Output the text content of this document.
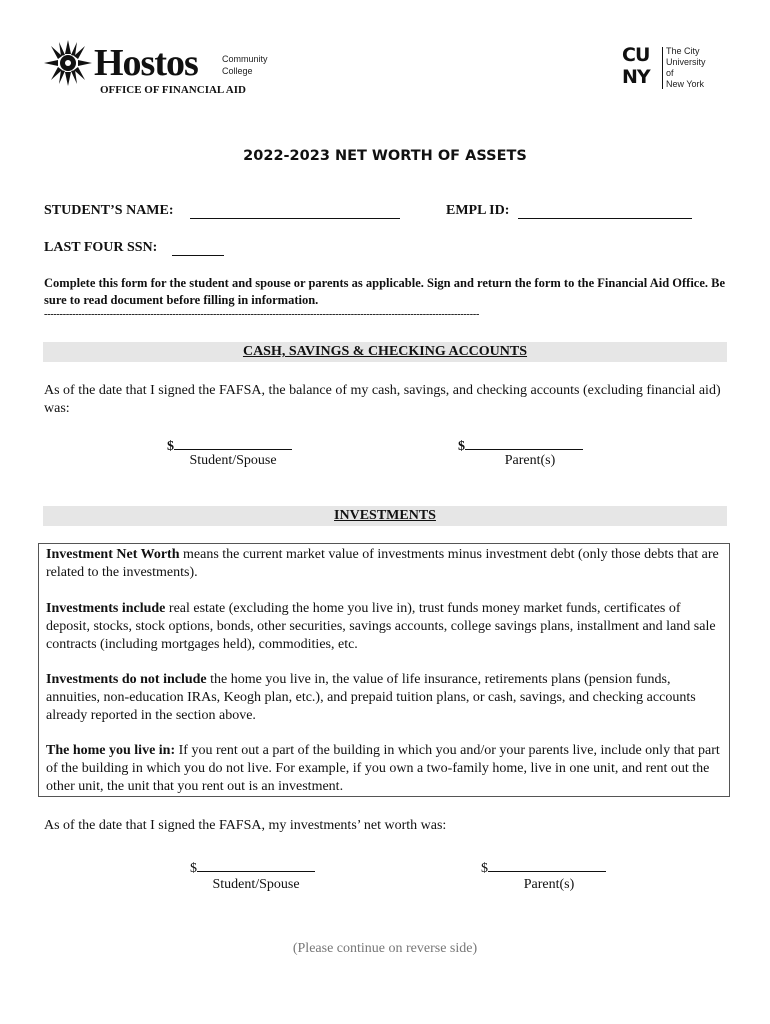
Hostos	Community
College
OFFICE OF FINANCIAL AID
CU
NY
The City
University
of
New York
2022-2023 NET WORTH OF ASSETS
STUDENT’S NAME:	EMPL ID:
LAST FOUR SSN:
Complete this form for the student and spouse or parents as applicable. Sign and return the form to the Financial Aid Office. Be sure to read document before filling in information.
-------------------------------------------------------------------------------------------------------------------------------------------
CASH, SAVINGS & CHECKING ACCOUNTS
As of the date that I signed the FAFSA, the balance of my cash, savings, and checking accounts (excluding financial aid) was:
$
Student/Spouse
$
Parent(s)
INVESTMENTS
Investment Net Worth means the current market value of investments minus investment debt (only those debts that are related to the investments).
Investments include real estate (excluding the home you live in), trust funds money market funds, certificates of deposit, stocks, stock options, bonds, other securities, savings accounts, college savings plans, installment and land sale contracts (including mortgages held), commodities, etc.
Investments do not include the home you live in, the value of life insurance, retirements plans (pension funds, annuities, non-education IRAs, Keogh plan, etc.), and prepaid tuition plans, or cash, savings, and checking accounts already reported in the section above.
The home you live in: If you rent out a part of the building in which you and/or your parents live, include only that part of the building in which you do not live. For example, if you own a two-family home, live in one unit, and rent out the other unit, the unit that you rent out is an investment.
As of the date that I signed the FAFSA, my investments’ net worth was:
$
Student/Spouse
$
Parent(s)
(Please continue on reverse side)
